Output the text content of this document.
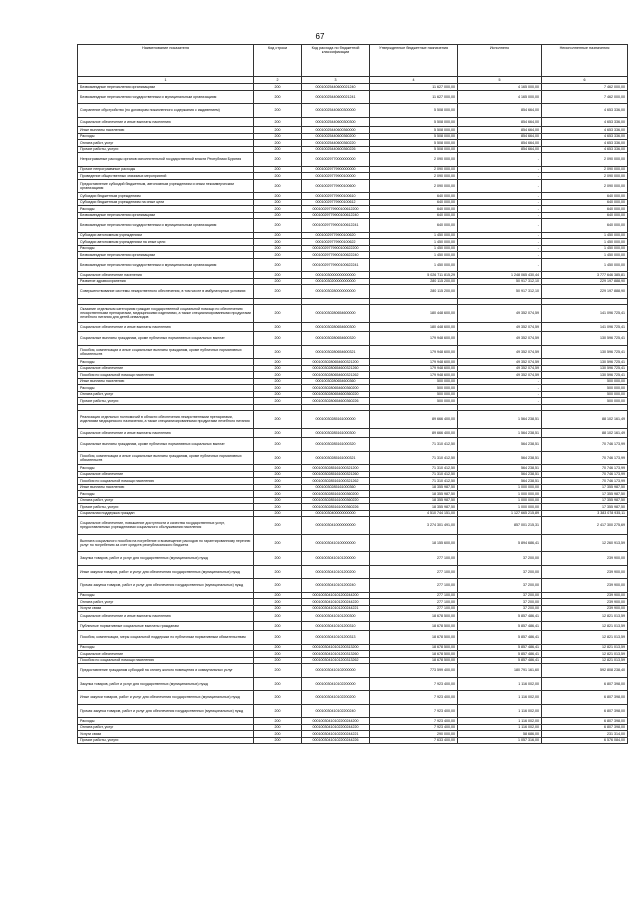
67
Наименование показателя	Код строки	Код расхода по бюджетной классификации	Утвержденные бюджетные назначения	Исполнено	Неисполненные назначения
1	2	3	4	5	6
Безвозмездные перечисления организациям	200	00010025440600021240	11 627 000,00	4 165 000,00	7 462 000,00
Безвозмездные перечисления государственным и муниципальным организациям	200	00010025440600021241	11 627 000,00	4 165 000,00	7 462 000,00
Сохранение обустройство (по договорам пожизненного содержания с иждивением)	200	00010025440600300000	5 508 000,00	854 664,00	4 653 336,00
Социальное обеспечение и иные выплаты населению	200	00010025440600300300	5 508 000,00	854 664,00	4 653 336,00
Иные выплаты населению	200	00010025440600360000	5 508 000,00	854 664,00	4 653 336,00
Расходы	200	00010025440600360200	5 508 000,00	854 664,00	4 653 336,00
Оплата работ, услуг	200	00010025440600360220	5 508 000,00	854 664,00	4 653 336,00
Прочие работы, услуги	200	00010025440600360226	5 508 000,00	854 664,00	4 653 336,00
Непрограммные расходы органов исполнительной государственной власти Республики Бурятия	200	00010029770000000000	2 090 000,00	-	2 090 000,00
Прочие непрограммные расходы	200	00010029779900000000	2 090 000,00	-	2 090 000,00
Проведение общественных значимых мероприятий	200	00010029779900100000	2 090 000,00	-	2 090 000,00
Предоставление субсидий бюджетным, автономным учреждениям и иным некоммерческим организациям	200	00010029779900100600	2 090 000,00	-	2 090 000,00
Субсидии бюджетным учреждениям	200	00010029779900100610	640 000,00	-	640 000,00
Субсидии бюджетным учреждениям на иные цели	200	00010029779900100612	640 000,00	-	640 000,00
Расходы	200	00010029779900100612200	640 000,00	-	640 000,00
Безвозмездные перечисления организациям	200	00010029779900100612240	640 000,00	-	640 000,00
Безвозмездные перечисления государственным и муниципальным организациям	200	00010029779900100612241	640 000,00	-	640 000,00
Субсидии автономным учреждениям	200	00010029779900100620	1 450 000,00	-	1 450 000,00
Субсидии автономным учреждениям на иные цели	200	00010029779900100622	1 450 000,00	-	1 450 000,00
Расходы	200	00010029779900100622200	1 450 000,00	-	1 450 000,00
Безвозмездные перечисления организациям	200	00010029779900100622240	1 450 000,00	-	1 450 000,00
Безвозмездные перечисления государственным и муниципальным организациям	200	00010029779900100622241	1 450 000,00	-	1 450 000,00
Социальное обеспечение населения	200	00010030000000000000	5 026 711 815,29	1 248 065 430,44	3 777 646 385,81
Развитие здравоохранения	200	00010030200000000000	280 115 200,00	50 917 312,10	229 197 888,90
Совершенствование системы лекарственного обеспечения, в том числе в амбулаторных условиях	200	00010030280000000000	280 115 200,00	50 917 312,10	229 197 888,90

Оказание отдельным категориям граждан государственной социальной помощи по обеспечению лекарственными препаратами, медицинскими изделиями, а также специализированными продуктами лечебного питания для детей-инвалидов	200	00010030280654600000	180 448 600,00	49 352 074,59	141 096 725,41
Социальное обеспечение и иные выплаты населению	200	00010030280654600300	180 448 600,00	49 352 074,59	141 096 725,41
Социальные выплаты гражданам, кроме публичных нормативных социальных выплат	200	00010030280654600320	179 948 600,00	49 352 074,59	130 596 725,41
Пособия, компенсации и иные социальные выплаты гражданам, кроме публичных нормативных обязательств	200	00010030280654600321	179 948 600,00	49 352 074,59	130 596 725,41
Расходы	200	00010030280654600321200	179 948 600,00	49 352 074,59	130 596 725,41
Социальное обеспечение	200	00010030280654600321260	179 948 600,00	49 352 074,59	130 596 725,41
Пособия по социальной помощи населению	200	00010030280654600321262	179 948 600,00	49 352 074,59	130 596 725,41
Иные выплаты населению	200	00010030280654600360	500 000,00	-	500 000,00
Расходы	200	00010030280654600360200	500 000,00	-	500 000,00
Оплата работ, услуг	200	00010030280654600360220	500 000,00	-	500 000,00
Прочие работы, услуги	200	00010030280654600360226	500 000,00	-	500 000,00

Реализация отдельных полномочий в области обеспечения лекарственными препаратами, изделиями медицинского назначения, а также специализированными продуктами лечебного питания	200	00010030285161000000	89 666 400,00	1 564 238,51	88 102 161,49
Социальное обеспечение и иные выплаты населению	200	00010030285161000300	89 666 400,00	1 564 238,51	88 102 161,49
Социальные выплаты гражданам, кроме публичных нормативных социальных выплат	200	00010030285161000320	71 310 412,50	564 238,51	70 746 173,99
Пособия, компенсации и иные социальные выплаты гражданам, кроме публичных нормативных обязательств	200	00010030285161000321	71 310 412,50	564 238,51	70 746 173,99
Расходы	200	00010030285161000321200	71 310 412,50	564 238,51	70 746 173,99
Социальное обеспечение	200	00010030285161000321260	71 310 412,50	564 238,51	70 746 173,99
Пособия по социальной помощи населению	200	00010030285161000321262	71 310 412,50	564 238,51	70 746 173,99
Иные выплаты населению	200	00010030285161000360	18 355 987,50	1 000 000,00	17 355 987,50
Расходы	200	00010030285161000360200	18 355 987,50	1 000 000,00	17 355 987,50
Оплата работ, услуг	200	00010030285161000360220	18 355 987,50	1 000 000,00	17 355 987,50
Прочие работы, услуги	200	00010030285161000360226	18 355 987,50	1 000 000,00	17 355 987,50
Социальная поддержка граждан	200	00010030400000000000	4 510 744 151,00	1 127 665 215,89	3 383 078 935,11
Социальное обеспечение, повышение доступности и качества государственных услуг, предоставляемых учреждениями социального обслуживания населения	200	00010030410000000000	3 274 301 491,00	857 001 215,31	2 417 300 275,69
Выплата социального пособия на погребение и возмещение расходов по гарантированному перечню услуг по погребению за счет средств республиканского бюджета	200	00010030410100000000	18 155 600,00	5 894 686,41	12 260 913,59
Закупка товаров, работ и услуг для государственных (муниципальных) нужд	200	00010030410101200000	277 100,00	37 200,00	239 900,00
Иные закупки товаров, работ и услуг для обеспечения государственных (муниципальных) нужд	200	00010030410101200200	277 100,00	37 200,00	239 900,00
Прочая закупка товаров, работ и услуг для обеспечения государственных (муниципальных) нужд	200	00010030410101200240	277 100,00	37 200,00	239 900,00
Расходы	200	00010030410101200244200	277 100,00	37 200,00	239 900,00
Оплата работ, услуг	200	00010030410101200244220	277 100,00	37 200,00	239 900,00
Услуги связи	200	00010030410101200244221	277 100,00	37 200,00	239 900,00
Социальное обеспечение и иные выплаты населению	200	00010030410101200300	18 678 500,00	5 857 486,41	12 821 013,59
Публичные нормативные социальные выплаты гражданам	200	00010030410101200310	18 678 500,00	5 857 486,41	12 821 013,59
Пособия, компенсации, меры социальной поддержки по публичным нормативным обязательствам	200	00010030410101200313	18 678 500,00	5 857 486,41	12 821 013,59
Расходы	200	00010030410101200313200	18 678 500,00	5 857 486,41	12 821 013,59
Социальное обеспечение	200	00010030410101200313260	18 678 500,00	5 857 486,41	12 821 013,59
Пособия по социальной помощи населению	200	00010030410101200313262	18 678 500,00	5 857 486,41	12 821 013,59
Предоставление гражданам субсидий на оплату жилого помещения и коммунальных услуг	200	00010030410102000000	773 599 400,00	180 791 161,60	592 808 238,40
Закупка товаров, работ и услуг для государственных (муниципальных) нужд	200	00010030410102200000	7 923 400,00	1 116 002,00	6 807 398,00
Иные закупки товаров, работ и услуг для обеспечения государственных (муниципальных) нужд	200	00010030410102200200	7 923 400,00	1 116 002,00	6 807 398,00
Прочая закупка товаров, работ и услуг для обеспечения государственных (муниципальных) нужд	200	00010030410102200240	7 923 400,00	1 116 002,00	6 807 398,00
Расходы	200	00010030410102200244200	7 923 400,00	1 116 002,00	6 807 398,00
Оплата работ, услуг	200	00010030410102200244220	7 923 400,00	1 116 002,00	6 807 398,00
Услуги связи	200	00010030410102200244221	290 000,00	58 686,00	231 314,00
Прочие работы, услуги	200	00010030410102200244226	7 633 400,00	1 057 316,00	6 576 084,00
